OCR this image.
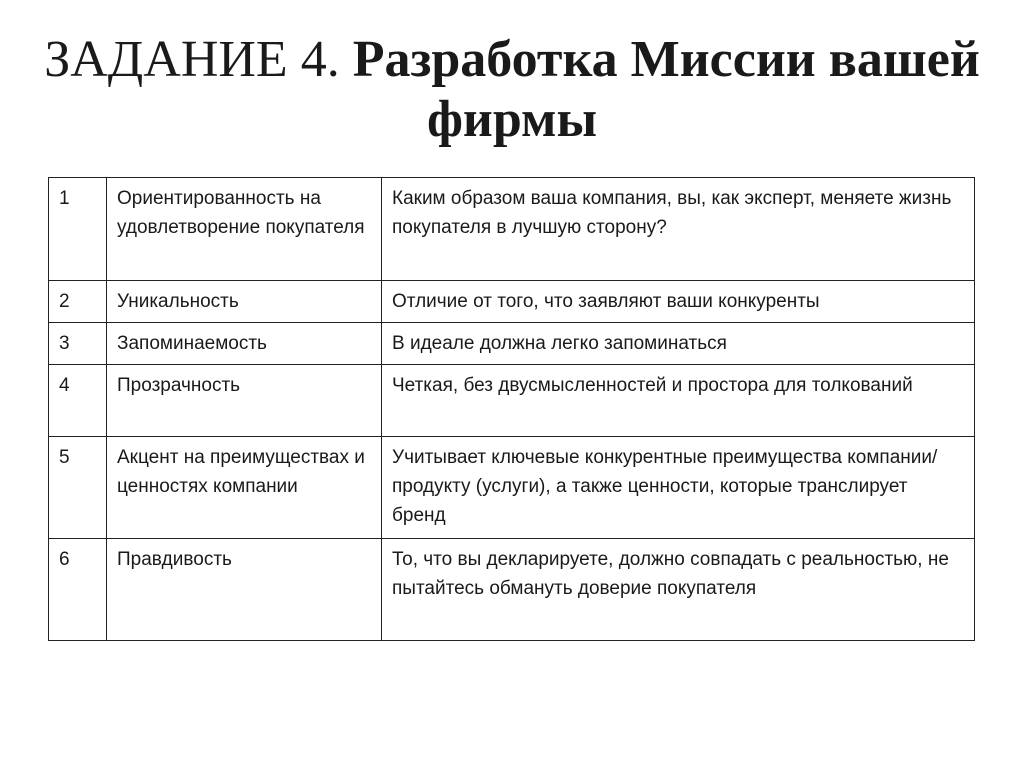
ЗАДАНИЕ 4. Разработка Миссии вашей фирмы
1	Ориентированность на удовлетворение покупателя	Каким образом ваша компания, вы, как эксперт, меняете жизнь покупателя в лучшую сторону?
2	Уникальность	Отличие от того, что заявляют ваши конкуренты
3	Запоминаемость	В идеале должна легко запоминаться
4	Прозрачность	Четкая, без двусмысленностей и простора для толкований
5	Акцент на преимуществах и ценностях компании	Учитывает ключевые конкурентные преимущества компании/продукту (услуги), а также ценности, которые транслирует бренд
6	Правдивость	То, что вы декларируете, должно совпадать с реальностью, не пытайтесь обмануть доверие покупателя
